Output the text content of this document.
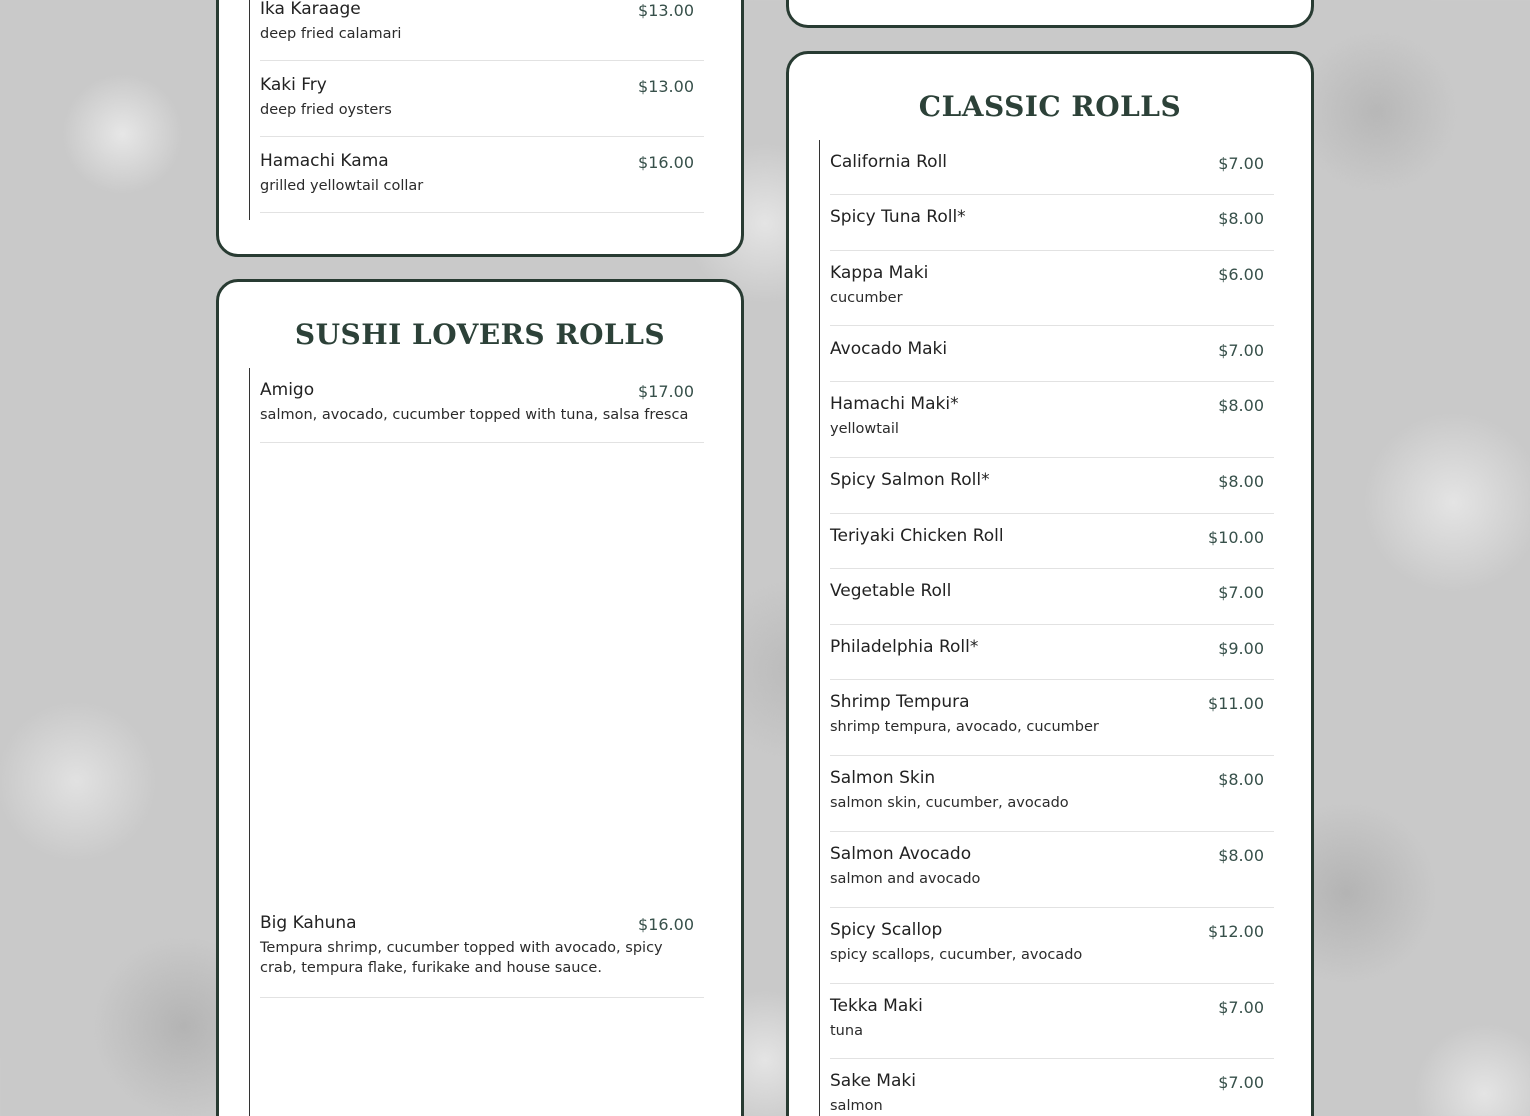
Ika Karaage	$13.00
deep fried calamari
Kaki Fry	$13.00
deep fried oysters
Hamachi Kama	$16.00
grilled yellowtail collar
SUSHI LOVERS ROLLS
Amigo	$17.00
salmon, avocado, cucumber topped with tuna, salsa fresca
Big Kahuna	$16.00
Tempura shrimp, cucumber topped with avocado, spicy crab, tempura flake, furikake and house sauce.
CLASSIC ROLLS
California Roll	$7.00
Spicy Tuna Roll*	$8.00
Kappa Maki	$6.00
cucumber
Avocado Maki	$7.00
Hamachi Maki*	$8.00
yellowtail
Spicy Salmon Roll*	$8.00
Teriyaki Chicken Roll	$10.00
Vegetable Roll	$7.00
Philadelphia Roll*	$9.00
Shrimp Tempura	$11.00
shrimp tempura, avocado, cucumber
Salmon Skin	$8.00
salmon skin, cucumber, avocado
Salmon Avocado	$8.00
salmon and avocado
Spicy Scallop	$12.00
spicy scallops, cucumber, avocado
Tekka Maki	$7.00
tuna
Sake Maki	$7.00
salmon
